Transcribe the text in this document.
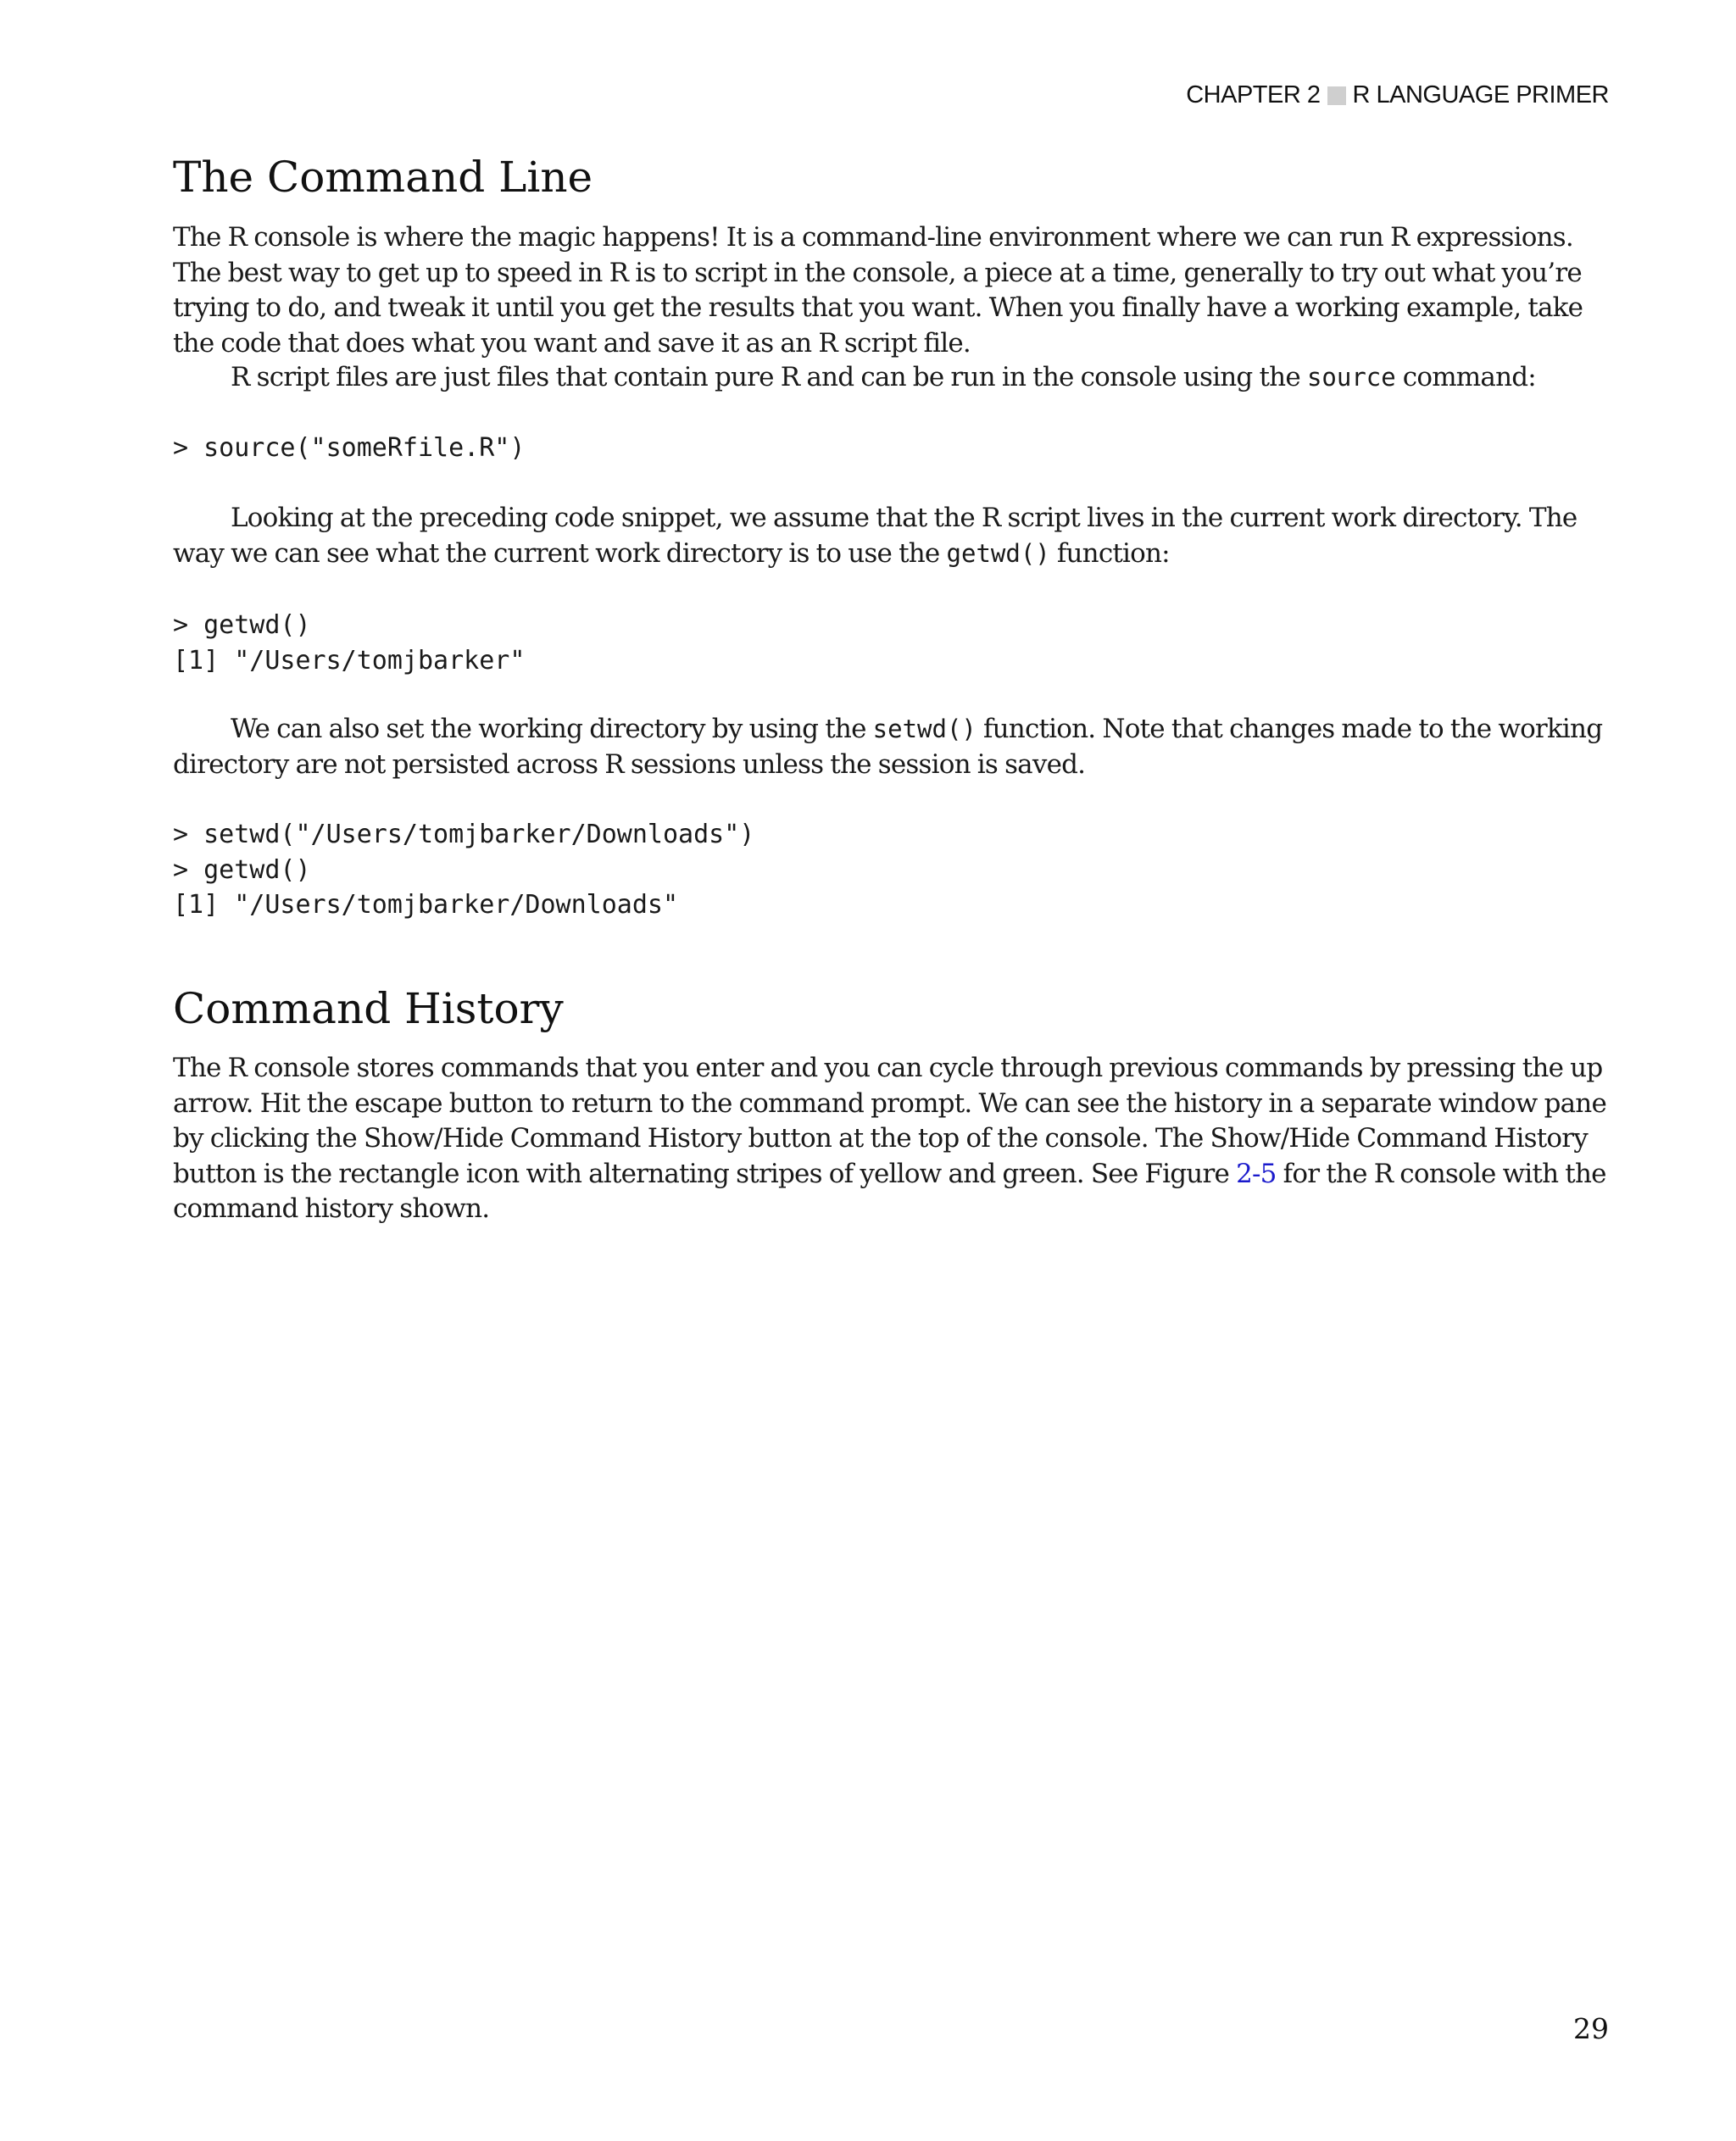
CHAPTER 2 R LANGUAGE PRIMER
The Command Line

The R console is where the magic happens! It is a command-line environment where we can run R expressions. The best way to get up to speed in R is to script in the console, a piece at a time, generally to try out what you’re trying to do, and tweak it until you get the results that you want. When you finally have a working example, take the code that does what you want and save it as an R script file.

R script files are just files that contain pure R and can be run in the console using the source command:

> source("someRfile.R")

Looking at the preceding code snippet, we assume that the R script lives in the current work directory. The way we can see what the current work directory is to use the getwd() function:

> getwd()
[1] "/Users/tomjbarker"

We can also set the working directory by using the setwd() function. Note that changes made to the working directory are not persisted across R sessions unless the session is saved.

> setwd("/Users/tomjbarker/Downloads")
> getwd()
[1] "/Users/tomjbarker/Downloads"
Command History

The R console stores commands that you enter and you can cycle through previous commands by pressing the up arrow. Hit the escape button to return to the command prompt. We can see the history in a separate window pane by clicking the Show/Hide Command History button at the top of the console. The Show/Hide Command History button is the rectangle icon with alternating stripes of yellow and green. See Figure 2-5 for the R console with the command history shown.

29
